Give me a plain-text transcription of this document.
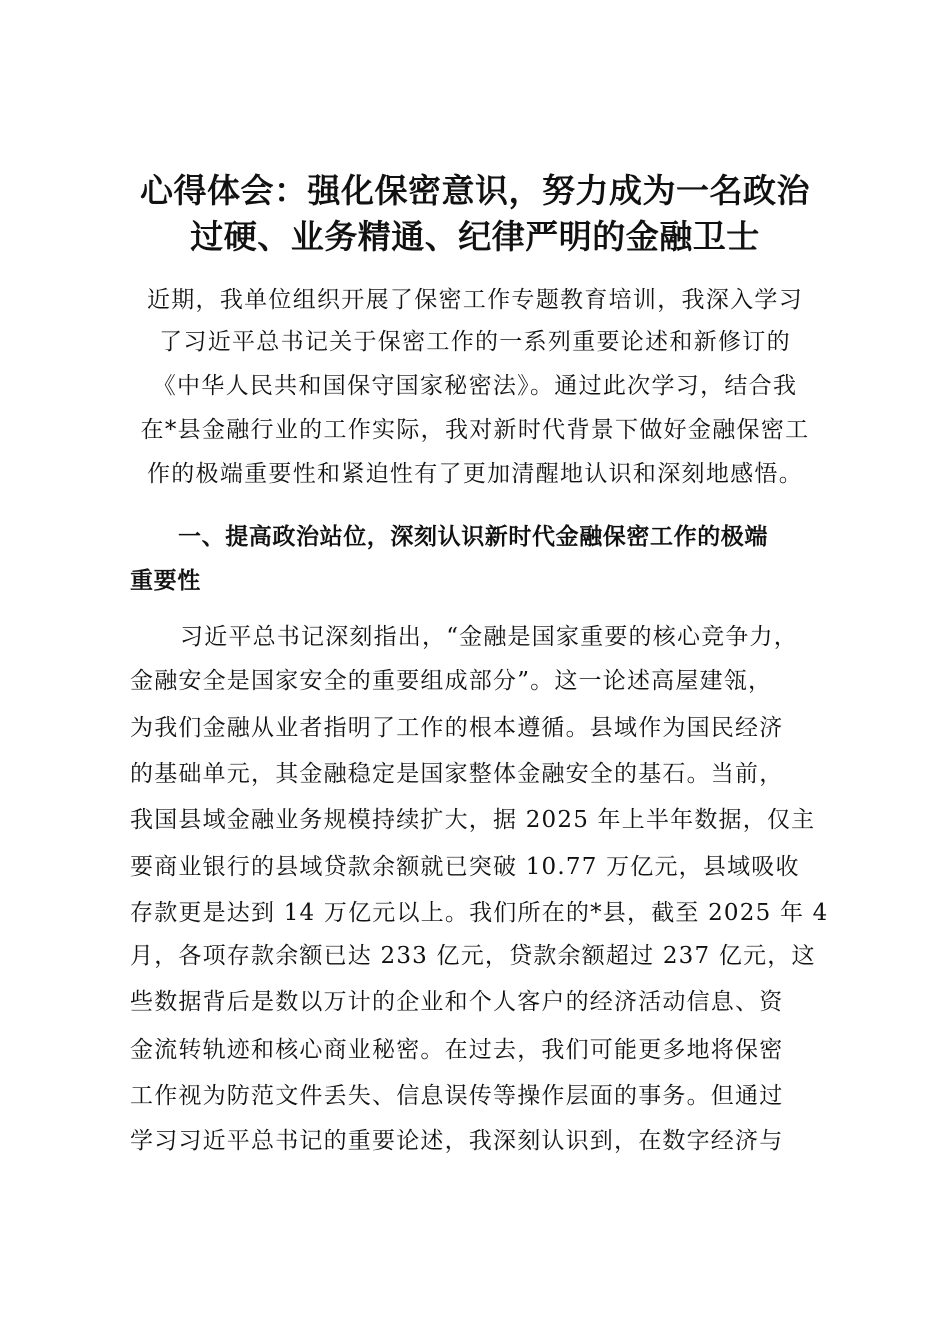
心得体会：强化保密意识，努力成为一名政治
过硬、业务精通、纪律严明的金融卫士
近期，我单位组织开展了保密工作专题教育培训，我深入学习
了习近平总书记关于保密工作的一系列重要论述和新修订的
《中华人民共和国保守国家秘密法》。通过此次学习，结合我
在*县金融行业的工作实际，我对新时代背景下做好金融保密工
作的极端重要性和紧迫性有了更加清醒地认识和深刻地感悟。
一、提高政治站位，深刻认识新时代金融保密工作的极端
重要性
习近平总书记深刻指出，“金融是国家重要的核心竞争力，
金融安全是国家安全的重要组成部分”。这一论述高屋建瓴，
为我们金融从业者指明了工作的根本遵循。县域作为国民经济
的基础单元，其金融稳定是国家整体金融安全的基石。当前，
我国县域金融业务规模持续扩大，据 2025 年上半年数据，仅主
要商业银行的县域贷款余额就已突破 10.77 万亿元，县域吸收
存款更是达到 14 万亿元以上。我们所在的*县，截至 2025 年 4
月，各项存款余额已达 233 亿元，贷款余额超过 237 亿元，这
些数据背后是数以万计的企业和个人客户的经济活动信息、资
金流转轨迹和核心商业秘密。在过去，我们可能更多地将保密
工作视为防范文件丢失、信息误传等操作层面的事务。但通过
学习习近平总书记的重要论述，我深刻认识到，在数字经济与
